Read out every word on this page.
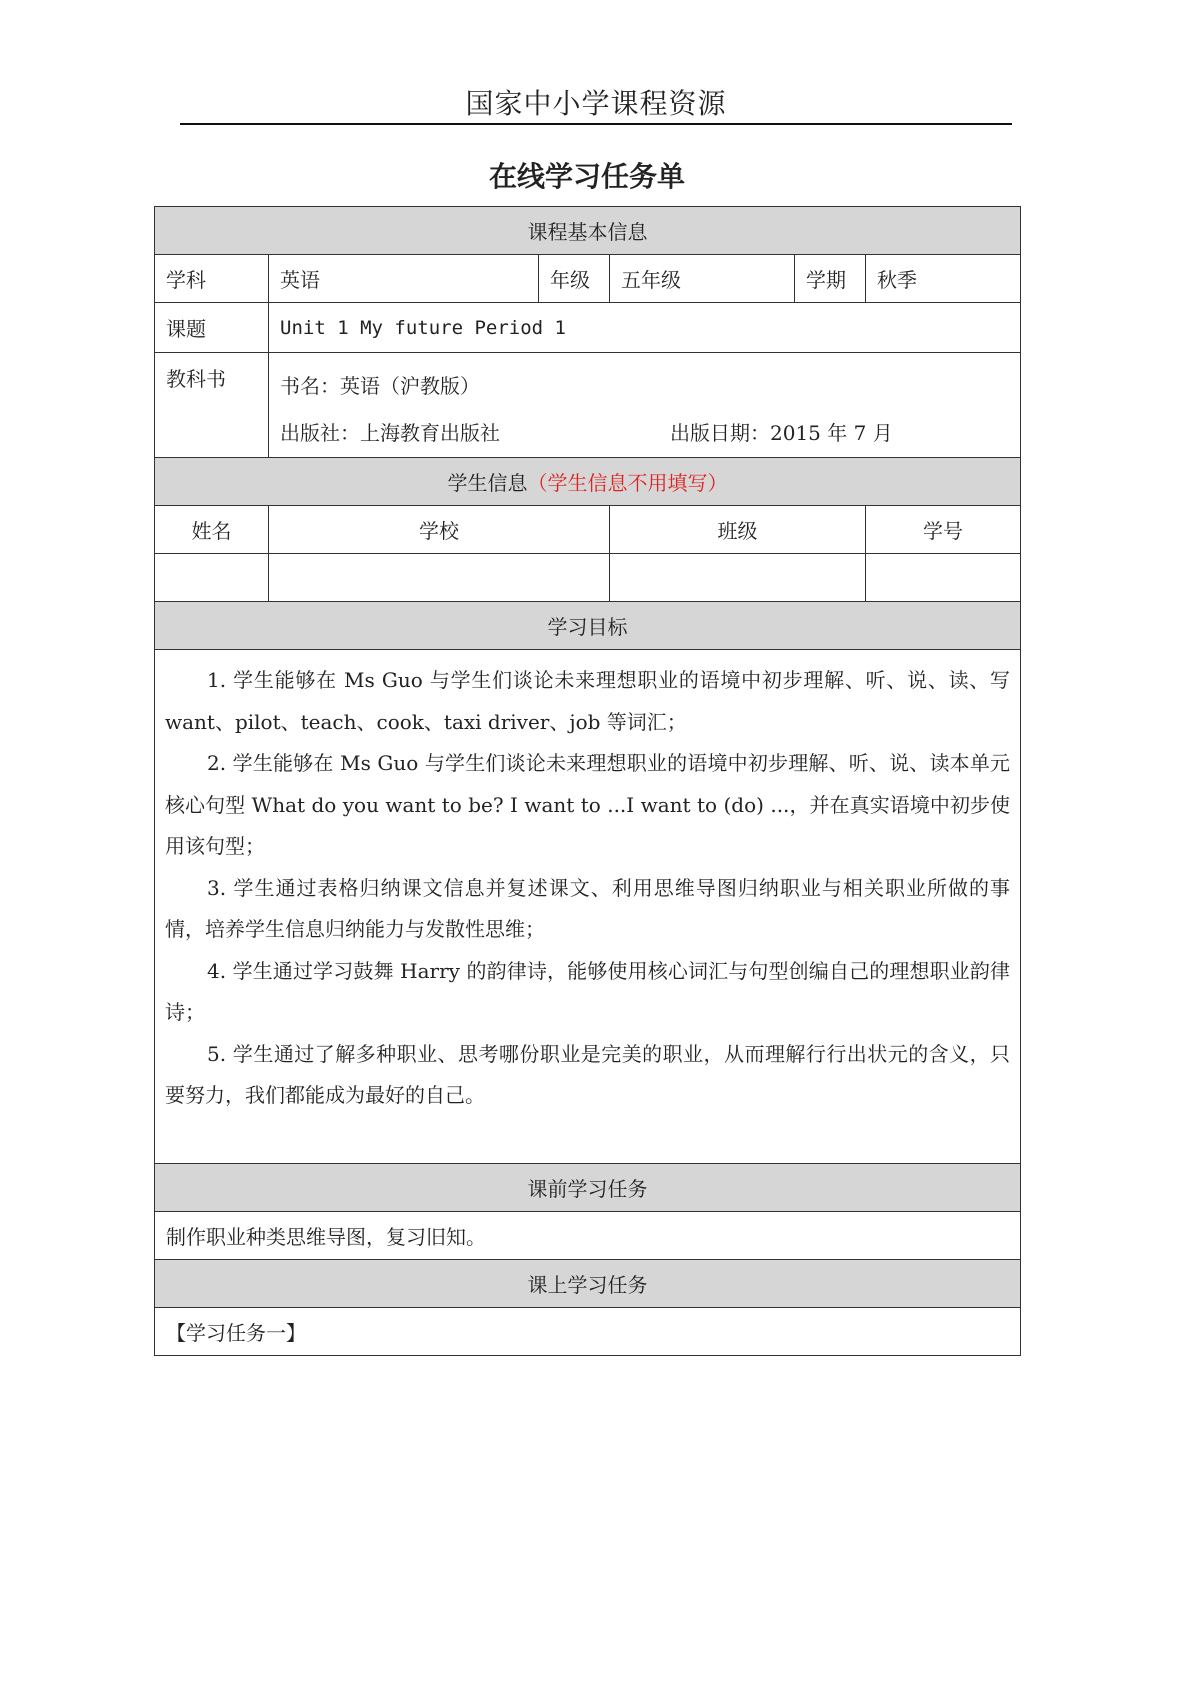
国家中小学课程资源
在线学习任务单
课程基本信息					
学科	英语	年级	五年级	学期	秋季
课题	Unit 1 My future Period 1				
教科书	书名：英语（沪教版）
出版社：上海教育出版社 出版日期：2015 年 7 月				

学生信息（学生信息不用填写）					
姓名	学校		班级		学号

学习目标					

1. 学生能够在 Ms Guo 与学生们谈论未来理想职业的语境中初步理解、听、说、读、写 want、pilot、teach、cook、taxi driver、job 等词汇；

2. 学生能够在 Ms Guo 与学生们谈论未来理想职业的语境中初步理解、听、说、读本单元核心句型 What do you want to be? I want to ...I want to (do) ...，并在真实语境中初步使用该句型；

3. 学生通过表格归纳课文信息并复述课文、利用思维导图归纳职业与相关职业所做的事情，培养学生信息归纳能力与发散性思维；

4. 学生通过学习鼓舞 Harry 的韵律诗，能够使用核心词汇与句型创编自己的理想职业韵律诗；

5. 学生通过了解多种职业、思考哪份职业是完美的职业，从而理解行行出状元的含义，只要努力，我们都能成为最好的自己。					

课前学习任务					
制作职业种类思维导图，复习旧知。					
课上学习任务					
【学习任务一】					
